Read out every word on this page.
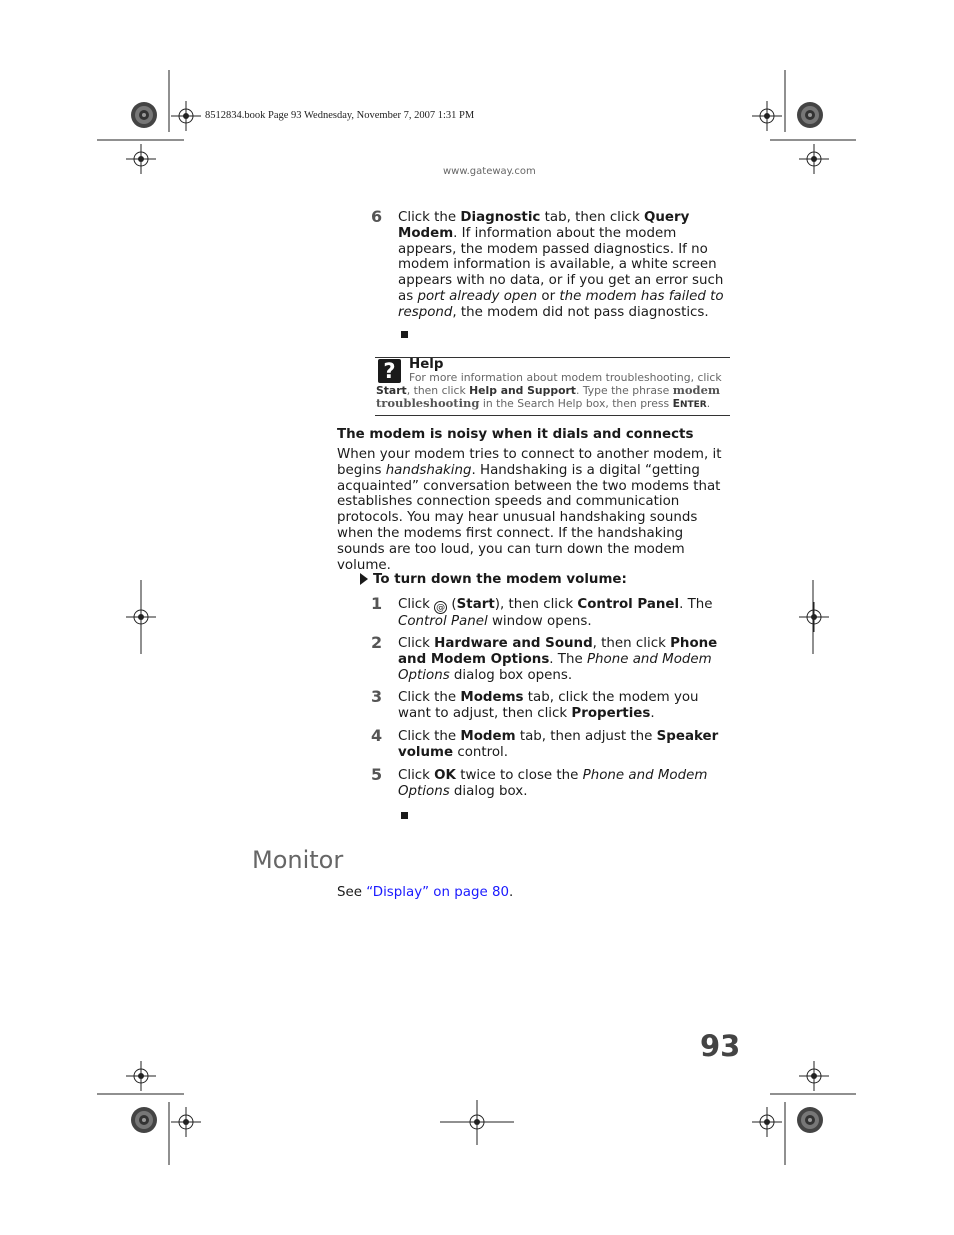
8512834.book Page 93 Wednesday, November 7, 2007 1:31 PM
www.gateway.com
6 Click the Diagnostic tab, then click Query Modem. If information about the modem appears, the modem passed diagnostics. If no modem information is available, a white screen appears with no data, or if you get an error such as port already open or the modem has failed to respond, the modem did not pass diagnostics.
?	Help
For more information about modem troubleshooting, click Start, then click Help and Support. Type the phrase modem troubleshooting in the Search Help box, then press ENTER.
The modem is noisy when it dials and connects
When your modem tries to connect to another modem, it begins handshaking. Handshaking is a digital “getting acquainted” conversation between the two modems that establishes connection speeds and communication protocols. You may hear unusual handshaking sounds when the modems first connect. If the handshaking sounds are too loud, you can turn down the modem volume.
To turn down the modem volume:
1 Click @ (Start), then click Control Panel. The Control Panel window opens.
2 Click Hardware and Sound, then click Phone and Modem Options. The Phone and Modem Options dialog box opens.
3 Click the Modems tab, click the modem you want to adjust, then click Properties.
4 Click the Modem tab, then adjust the Speaker volume control.
5 Click OK twice to close the Phone and Modem Options dialog box.
Monitor
See “Display” on page 80.
93
